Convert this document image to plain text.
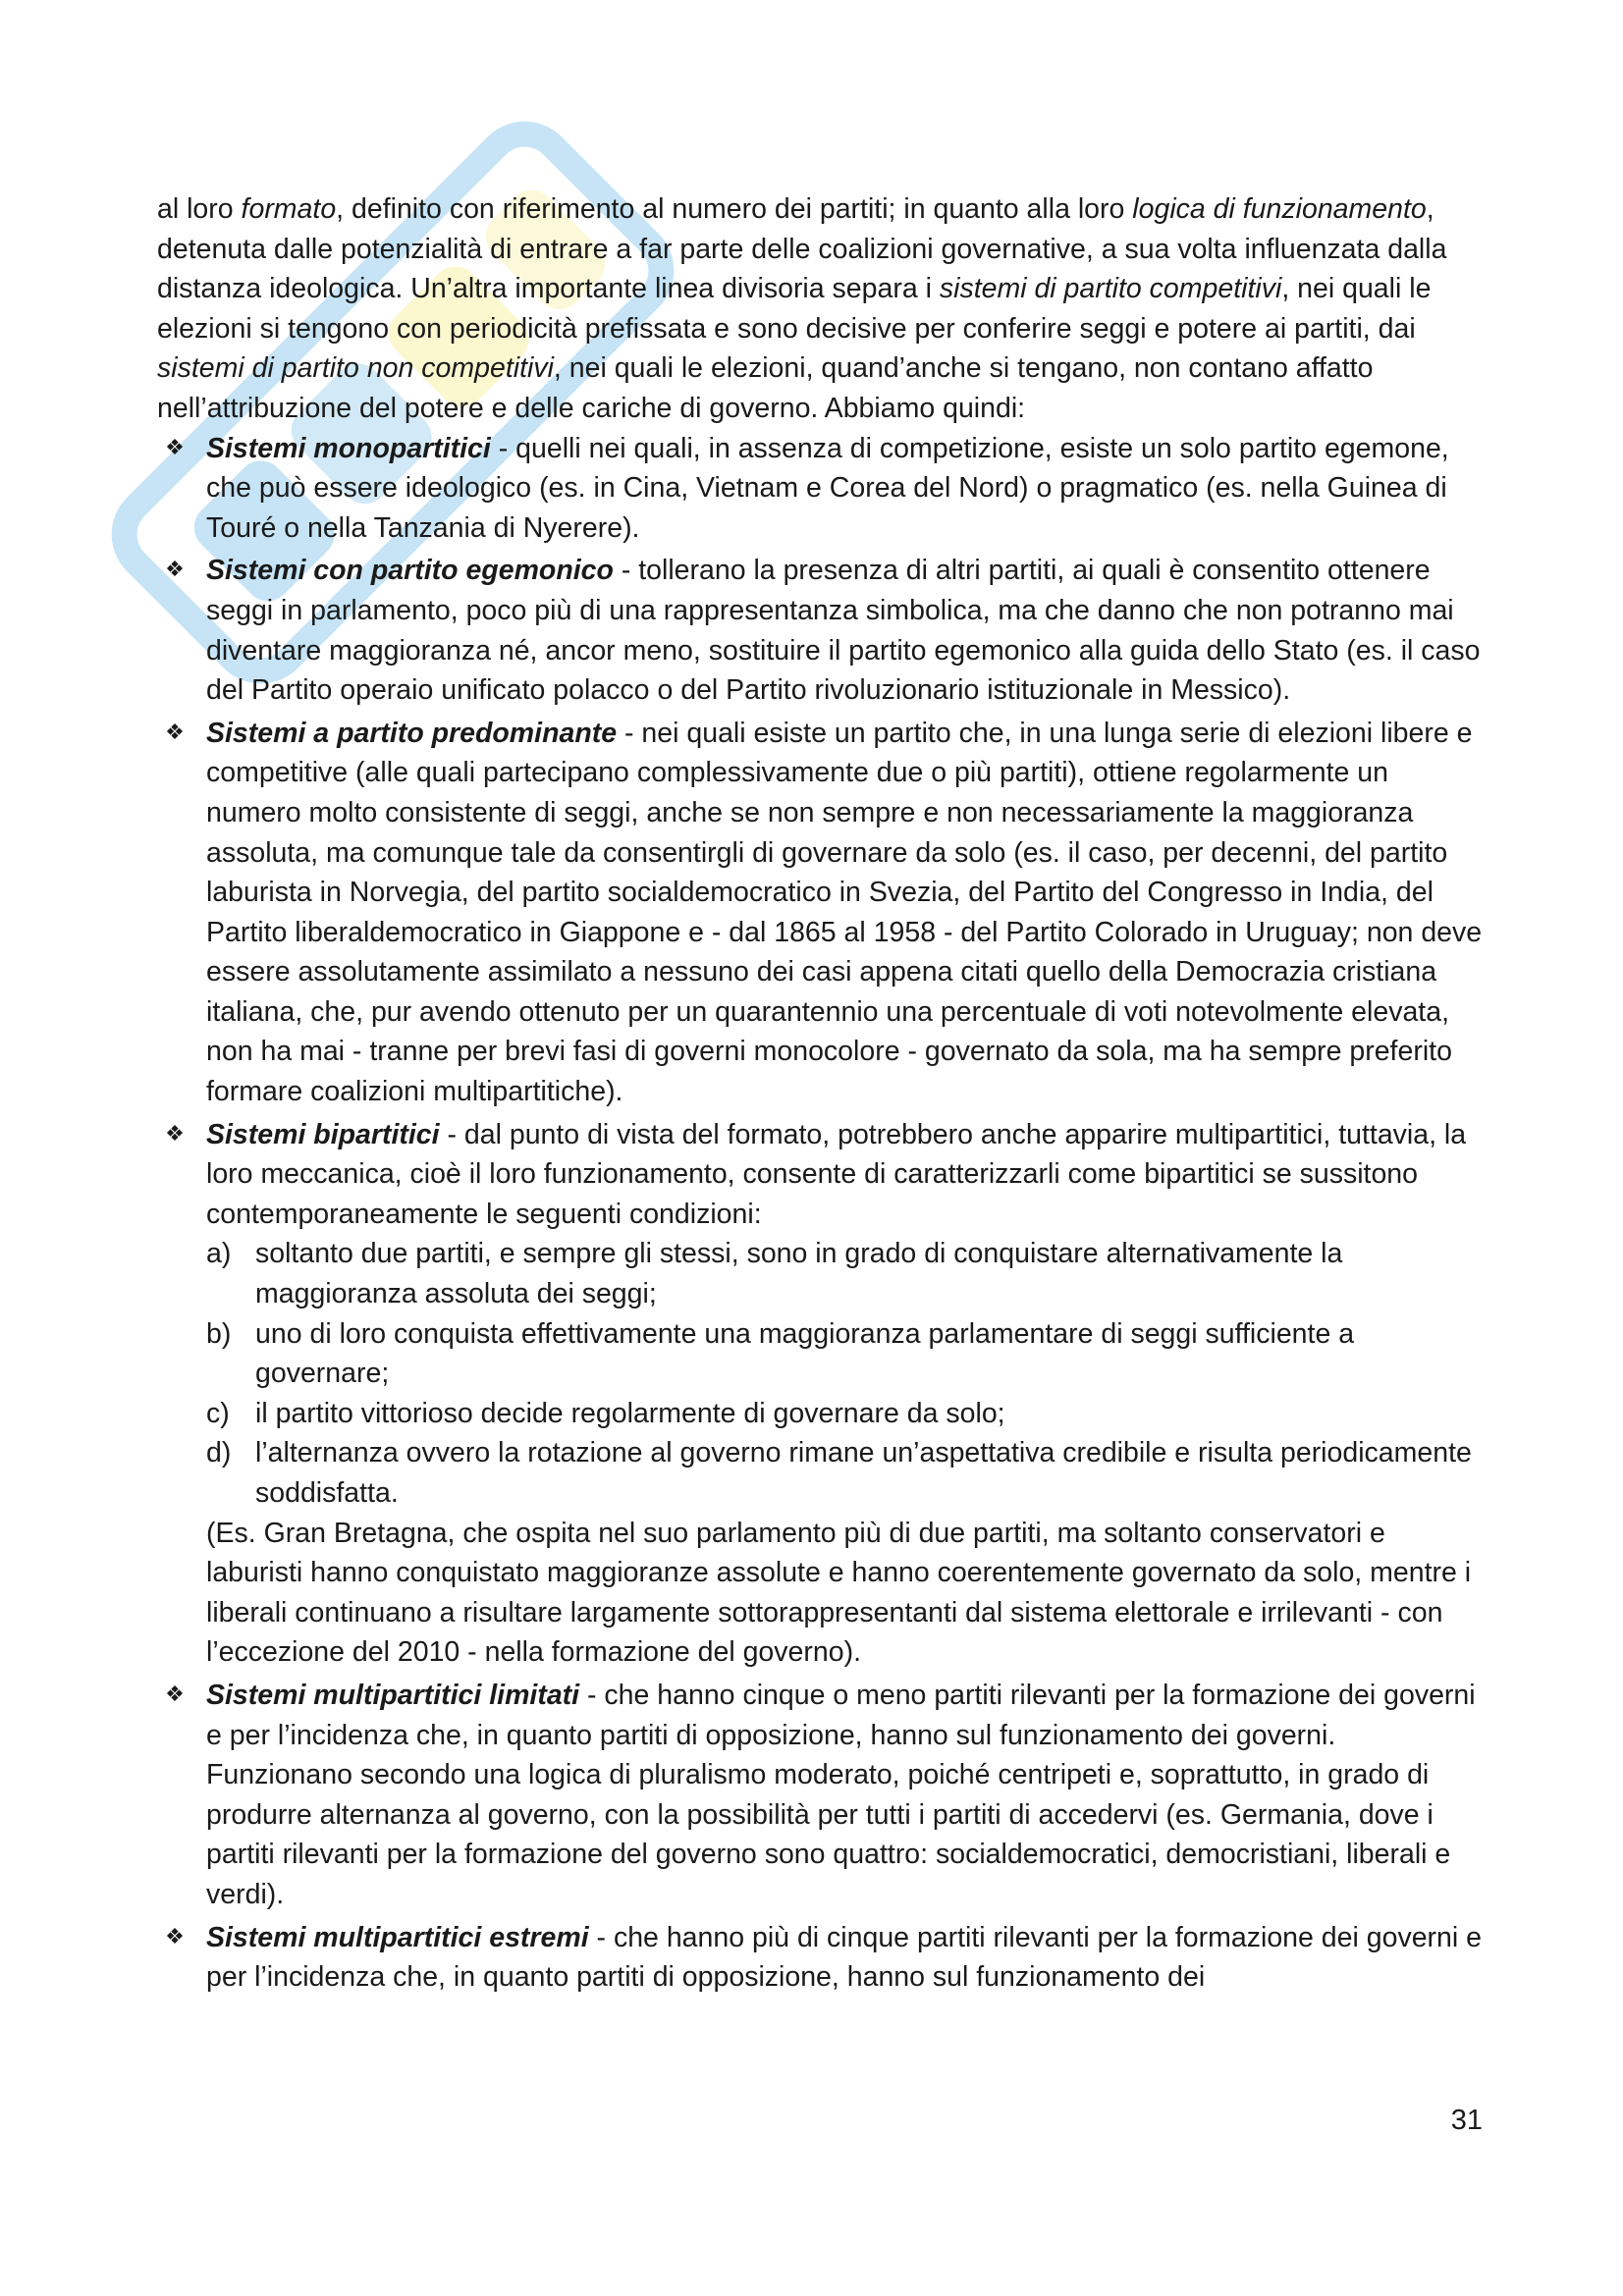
al loro formato, definito con riferimento al numero dei partiti; in quanto alla loro logica di funzionamento, detenuta dalle potenzialità di entrare a far parte delle coalizioni governative, a sua volta influenzata dalla distanza ideologica. Un’altra importante linea divisoria separa i sistemi di partito competitivi, nei quali le elezioni si tengono con periodicità prefissata e sono decisive per conferire seggi e potere ai partiti, dai sistemi di partito non competitivi, nei quali le elezioni, quand’anche si tengano, non contano affatto nell’attribuzione del potere e delle cariche di governo. Abbiamo quindi:

❖ Sistemi monopartitici - quelli nei quali, in assenza di competizione, esiste un solo partito egemone, che può essere ideologico (es. in Cina, Vietnam e Corea del Nord) o pragmatico (es. nella Guinea di Touré o nella Tanzania di Nyerere).
❖ Sistemi con partito egemonico - tollerano la presenza di altri partiti, ai quali è consentito ottenere seggi in parlamento, poco più di una rappresentanza simbolica, ma che danno che non potranno mai diventare maggioranza né, ancor meno, sostituire il partito egemonico alla guida dello Stato (es. il caso del Partito operaio unificato polacco o del Partito rivoluzionario istituzionale in Messico).
❖ Sistemi a partito predominante - nei quali esiste un partito che, in una lunga serie di elezioni libere e competitive (alle quali partecipano complessivamente due o più partiti), ottiene regolarmente un numero molto consistente di seggi, anche se non sempre e non necessariamente la maggioranza assoluta, ma comunque tale da consentirgli di governare da solo (es. il caso, per decenni, del partito laburista in Norvegia, del partito socialdemocratico in Svezia, del Partito del Congresso in India, del Partito liberaldemocratico in Giappone e - dal 1865 al 1958 - del Partito Colorado in Uruguay; non deve essere assolutamente assimilato a nessuno dei casi appena citati quello della Democrazia cristiana italiana, che, pur avendo ottenuto per un quarantennio una percentuale di voti notevolmente elevata, non ha mai - tranne per brevi fasi di governi monocolore - governato da sola, ma ha sempre preferito formare coalizioni multipartitiche).
❖ Sistemi bipartitici - dal punto di vista del formato, potrebbero anche apparire multipartitici, tuttavia, la loro meccanica, cioè il loro funzionamento, consente di caratterizzarli come bipartitici se sussitono contemporaneamente le seguenti condizioni:
a) soltanto due partiti, e sempre gli stessi, sono in grado di conquistare alternativamente la maggioranza assoluta dei seggi;
b) uno di loro conquista effettivamente una maggioranza parlamentare di seggi sufficiente a governare;
c) il partito vittorioso decide regolarmente di governare da solo;
d) l’alternanza ovvero la rotazione al governo rimane un’aspettativa credibile e risulta periodicamente soddisfatta.
(Es. Gran Bretagna, che ospita nel suo parlamento più di due partiti, ma soltanto conservatori e laburisti hanno conquistato maggioranze assolute e hanno coerentemente governato da solo, mentre i liberali continuano a risultare largamente sottorappresentanti dal sistema elettorale e irrilevanti - con l’eccezione del 2010 - nella formazione del governo).
❖ Sistemi multipartitici limitati - che hanno cinque o meno partiti rilevanti per la formazione dei governi e per l’incidenza che, in quanto partiti di opposizione, hanno sul funzionamento dei governi. Funzionano secondo una logica di pluralismo moderato, poiché centripeti e, soprattutto, in grado di produrre alternanza al governo, con la possibilità per tutti i partiti di accedervi (es. Germania, dove i partiti rilevanti per la formazione del governo sono quattro: socialdemocratici, democristiani, liberali e verdi).
❖ Sistemi multipartitici estremi - che hanno più di cinque partiti rilevanti per la formazione dei governi e per l’incidenza che, in quanto partiti di opposizione, hanno sul funzionamento dei
31
